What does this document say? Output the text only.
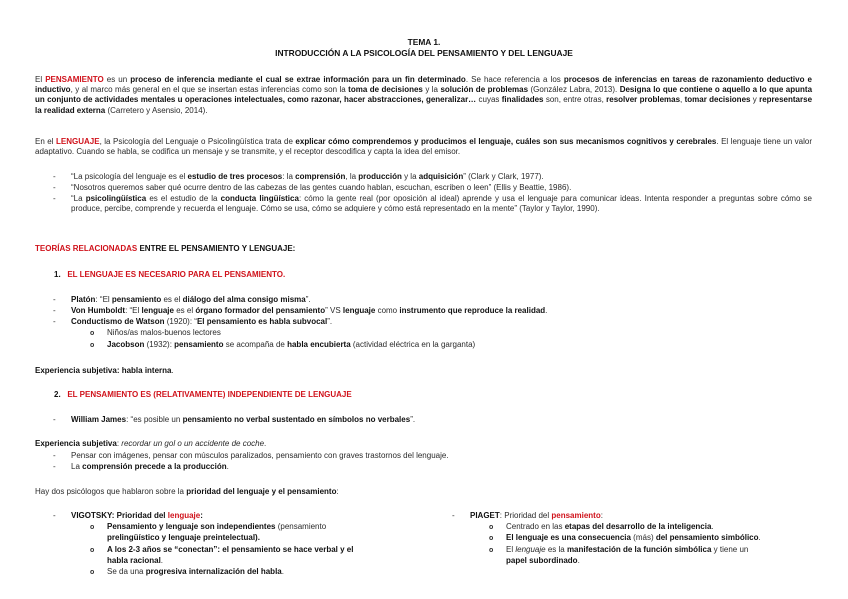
TEMA 1.
INTRODUCCIÓN A LA PSICOLOGÍA DEL PENSAMIENTO Y DEL LENGUAJE
El PENSAMIENTO es un proceso de inferencia mediante el cual se extrae información para un fin determinado. Se hace referencia a los procesos de inferencias en tareas de razonamiento deductivo e inductivo, y al marco más general en el que se insertan estas inferencias como son la toma de decisiones y la solución de problemas (González Labra, 2013). Designa lo que contiene o aquello a lo que apunta un conjunto de actividades mentales u operaciones intelectuales, como razonar, hacer abstracciones, generalizar… cuyas finalidades son, entre otras, resolver problemas, tomar decisiones y representarse la realidad externa (Carretero y Asensio, 2014).
En el LENGUAJE, la Psicología del Lenguaje o Psicolingüística trata de explicar cómo comprendemos y producimos el lenguaje, cuáles son sus mecanismos cognitivos y cerebrales. El lenguaje tiene un valor adaptativo. Cuando se habla, se codifica un mensaje y se transmite, y el receptor descodifica y capta la idea del emisor.
- “La psicología del lenguaje es el estudio de tres procesos: la comprensión, la producción y la adquisición” (Clark y Clark, 1977).
- “Nosotros queremos saber qué ocurre dentro de las cabezas de las gentes cuando hablan, escuchan, escriben o leen” (Ellis y Beattie, 1986).
- “La psicolingüística es el estudio de la conducta lingüística: cómo la gente real (por oposición al ideal) aprende y usa el lenguaje para comunicar ideas. Intenta responder a preguntas sobre cómo se produce, percibe, comprende y recuerda el lenguaje. Cómo se usa, cómo se adquiere y cómo está representado en la mente” (Taylor y Taylor, 1990).
TEORÍAS RELACIONADAS ENTRE EL PENSAMIENTO Y LENGUAJE:
1. EL LENGUAJE ES NECESARIO PARA EL PENSAMIENTO.
- Platón: “El pensamiento es el diálogo del alma consigo misma”.
- Von Humboldt: “El lenguaje es el órgano formador del pensamiento” VS lenguaje como instrumento que reproduce la realidad.
- Conductismo de Watson (1920): “El pensamiento es habla subvocal”.
o Niños/as malos-buenos lectores
o Jacobson (1932): pensamiento se acompaña de habla encubierta (actividad eléctrica en la garganta)
Experiencia subjetiva: habla interna.
2. EL PENSAMIENTO ES (RELATIVAMENTE) INDEPENDIENTE DE LENGUAJE
- William James: “es posible un pensamiento no verbal sustentado en símbolos no verbales”.
Experiencia subjetiva: recordar un gol o un accidente de coche.
- Pensar con imágenes, pensar con músculos paralizados, pensamiento con graves trastornos del lenguaje.
- La comprensión precede a la producción.
Hay dos psicólogos que hablaron sobre la prioridad del lenguaje y el pensamiento:
- VIGOTSKY: Prioridad del lenguaje:
o Pensamiento y lenguaje son independientes (pensamiento
prelingüístico y lenguaje preintelectual).
o A los 2-3 años se “conectan”: el pensamiento se hace verbal y el
habla racional.
o Se da una progresiva internalización del habla.
- PIAGET: Prioridad del pensamiento:
o Centrado en las etapas del desarrollo de la inteligencia.
o El lenguaje es una consecuencia (más) del pensamiento simbólico.
o El lenguaje es la manifestación de la función simbólica y tiene un
papel subordinado.
